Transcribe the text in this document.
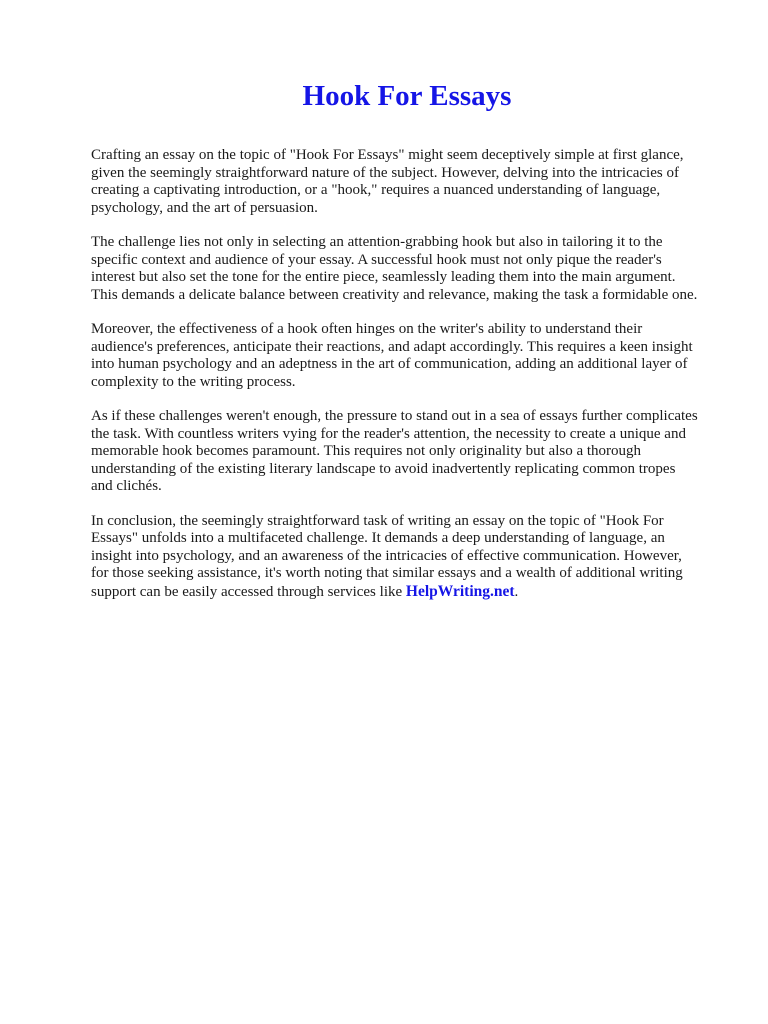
Hook For Essays

Crafting an essay on the topic of "Hook For Essays" might seem deceptively simple at first glance,
given the seemingly straightforward nature of the subject. However, delving into the intricacies of
creating a captivating introduction, or a "hook," requires a nuanced understanding of language,
psychology, and the art of persuasion.

The challenge lies not only in selecting an attention-grabbing hook but also in tailoring it to the
specific context and audience of your essay. A successful hook must not only pique the reader's
interest but also set the tone for the entire piece, seamlessly leading them into the main argument.
This demands a delicate balance between creativity and relevance, making the task a formidable one.

Moreover, the effectiveness of a hook often hinges on the writer's ability to understand their
audience's preferences, anticipate their reactions, and adapt accordingly. This requires a keen insight
into human psychology and an adeptness in the art of communication, adding an additional layer of
complexity to the writing process.

As if these challenges weren't enough, the pressure to stand out in a sea of essays further complicates
the task. With countless writers vying for the reader's attention, the necessity to create a unique and
memorable hook becomes paramount. This requires not only originality but also a thorough
understanding of the existing literary landscape to avoid inadvertently replicating common tropes
and clichés.

In conclusion, the seemingly straightforward task of writing an essay on the topic of "Hook For
Essays" unfolds into a multifaceted challenge. It demands a deep understanding of language, an
insight into psychology, and an awareness of the intricacies of effective communication. However,
for those seeking assistance, it's worth noting that similar essays and a wealth of additional writing
support can be easily accessed through services like HelpWriting.net.
